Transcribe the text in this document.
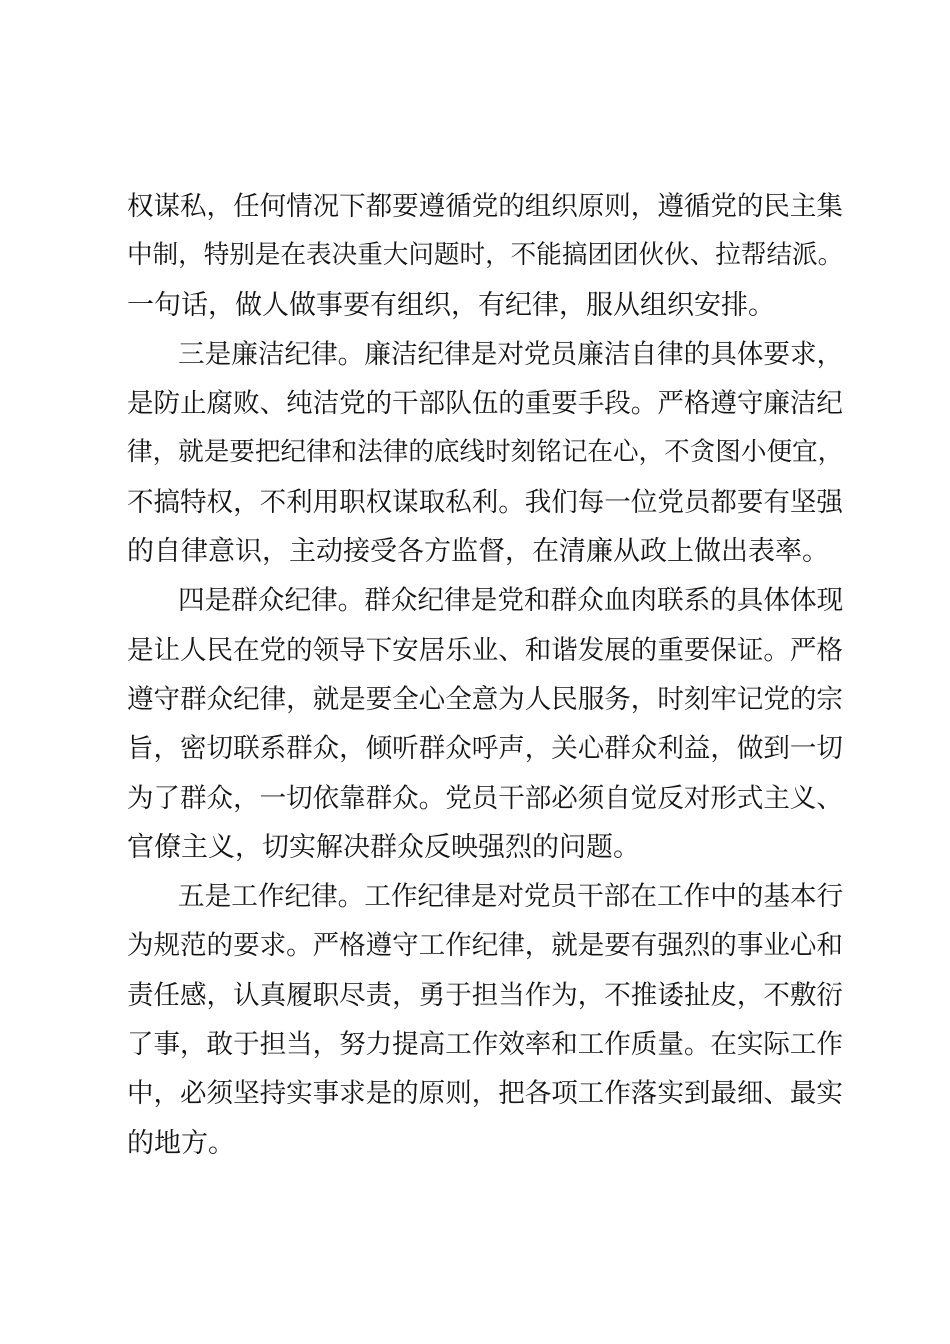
权谋私，任何情况下都要遵循党的组织原则，遵循党的民主集
中制，特别是在表决重大问题时，不能搞团团伙伙、拉帮结派。
一句话，做人做事要有组织，有纪律，服从组织安排。
三是廉洁纪律。廉洁纪律是对党员廉洁自律的具体要求，
是防止腐败、纯洁党的干部队伍的重要手段。严格遵守廉洁纪
律，就是要把纪律和法律的底线时刻铭记在心，不贪图小便宜，
不搞特权，不利用职权谋取私利。我们每一位党员都要有坚强
的自律意识，主动接受各方监督，在清廉从政上做出表率。
四是群众纪律。群众纪律是党和群众血肉联系的具体体现
是让人民在党的领导下安居乐业、和谐发展的重要保证。严格
遵守群众纪律，就是要全心全意为人民服务，时刻牢记党的宗
旨，密切联系群众，倾听群众呼声，关心群众利益，做到一切
为了群众，一切依靠群众。党员干部必须自觉反对形式主义、
官僚主义，切实解决群众反映强烈的问题。
五是工作纪律。工作纪律是对党员干部在工作中的基本行
为规范的要求。严格遵守工作纪律，就是要有强烈的事业心和
责任感，认真履职尽责，勇于担当作为，不推诿扯皮，不敷衍
了事，敢于担当，努力提高工作效率和工作质量。在实际工作
中，必须坚持实事求是的原则，把各项工作落实到最细、最实
的地方。
